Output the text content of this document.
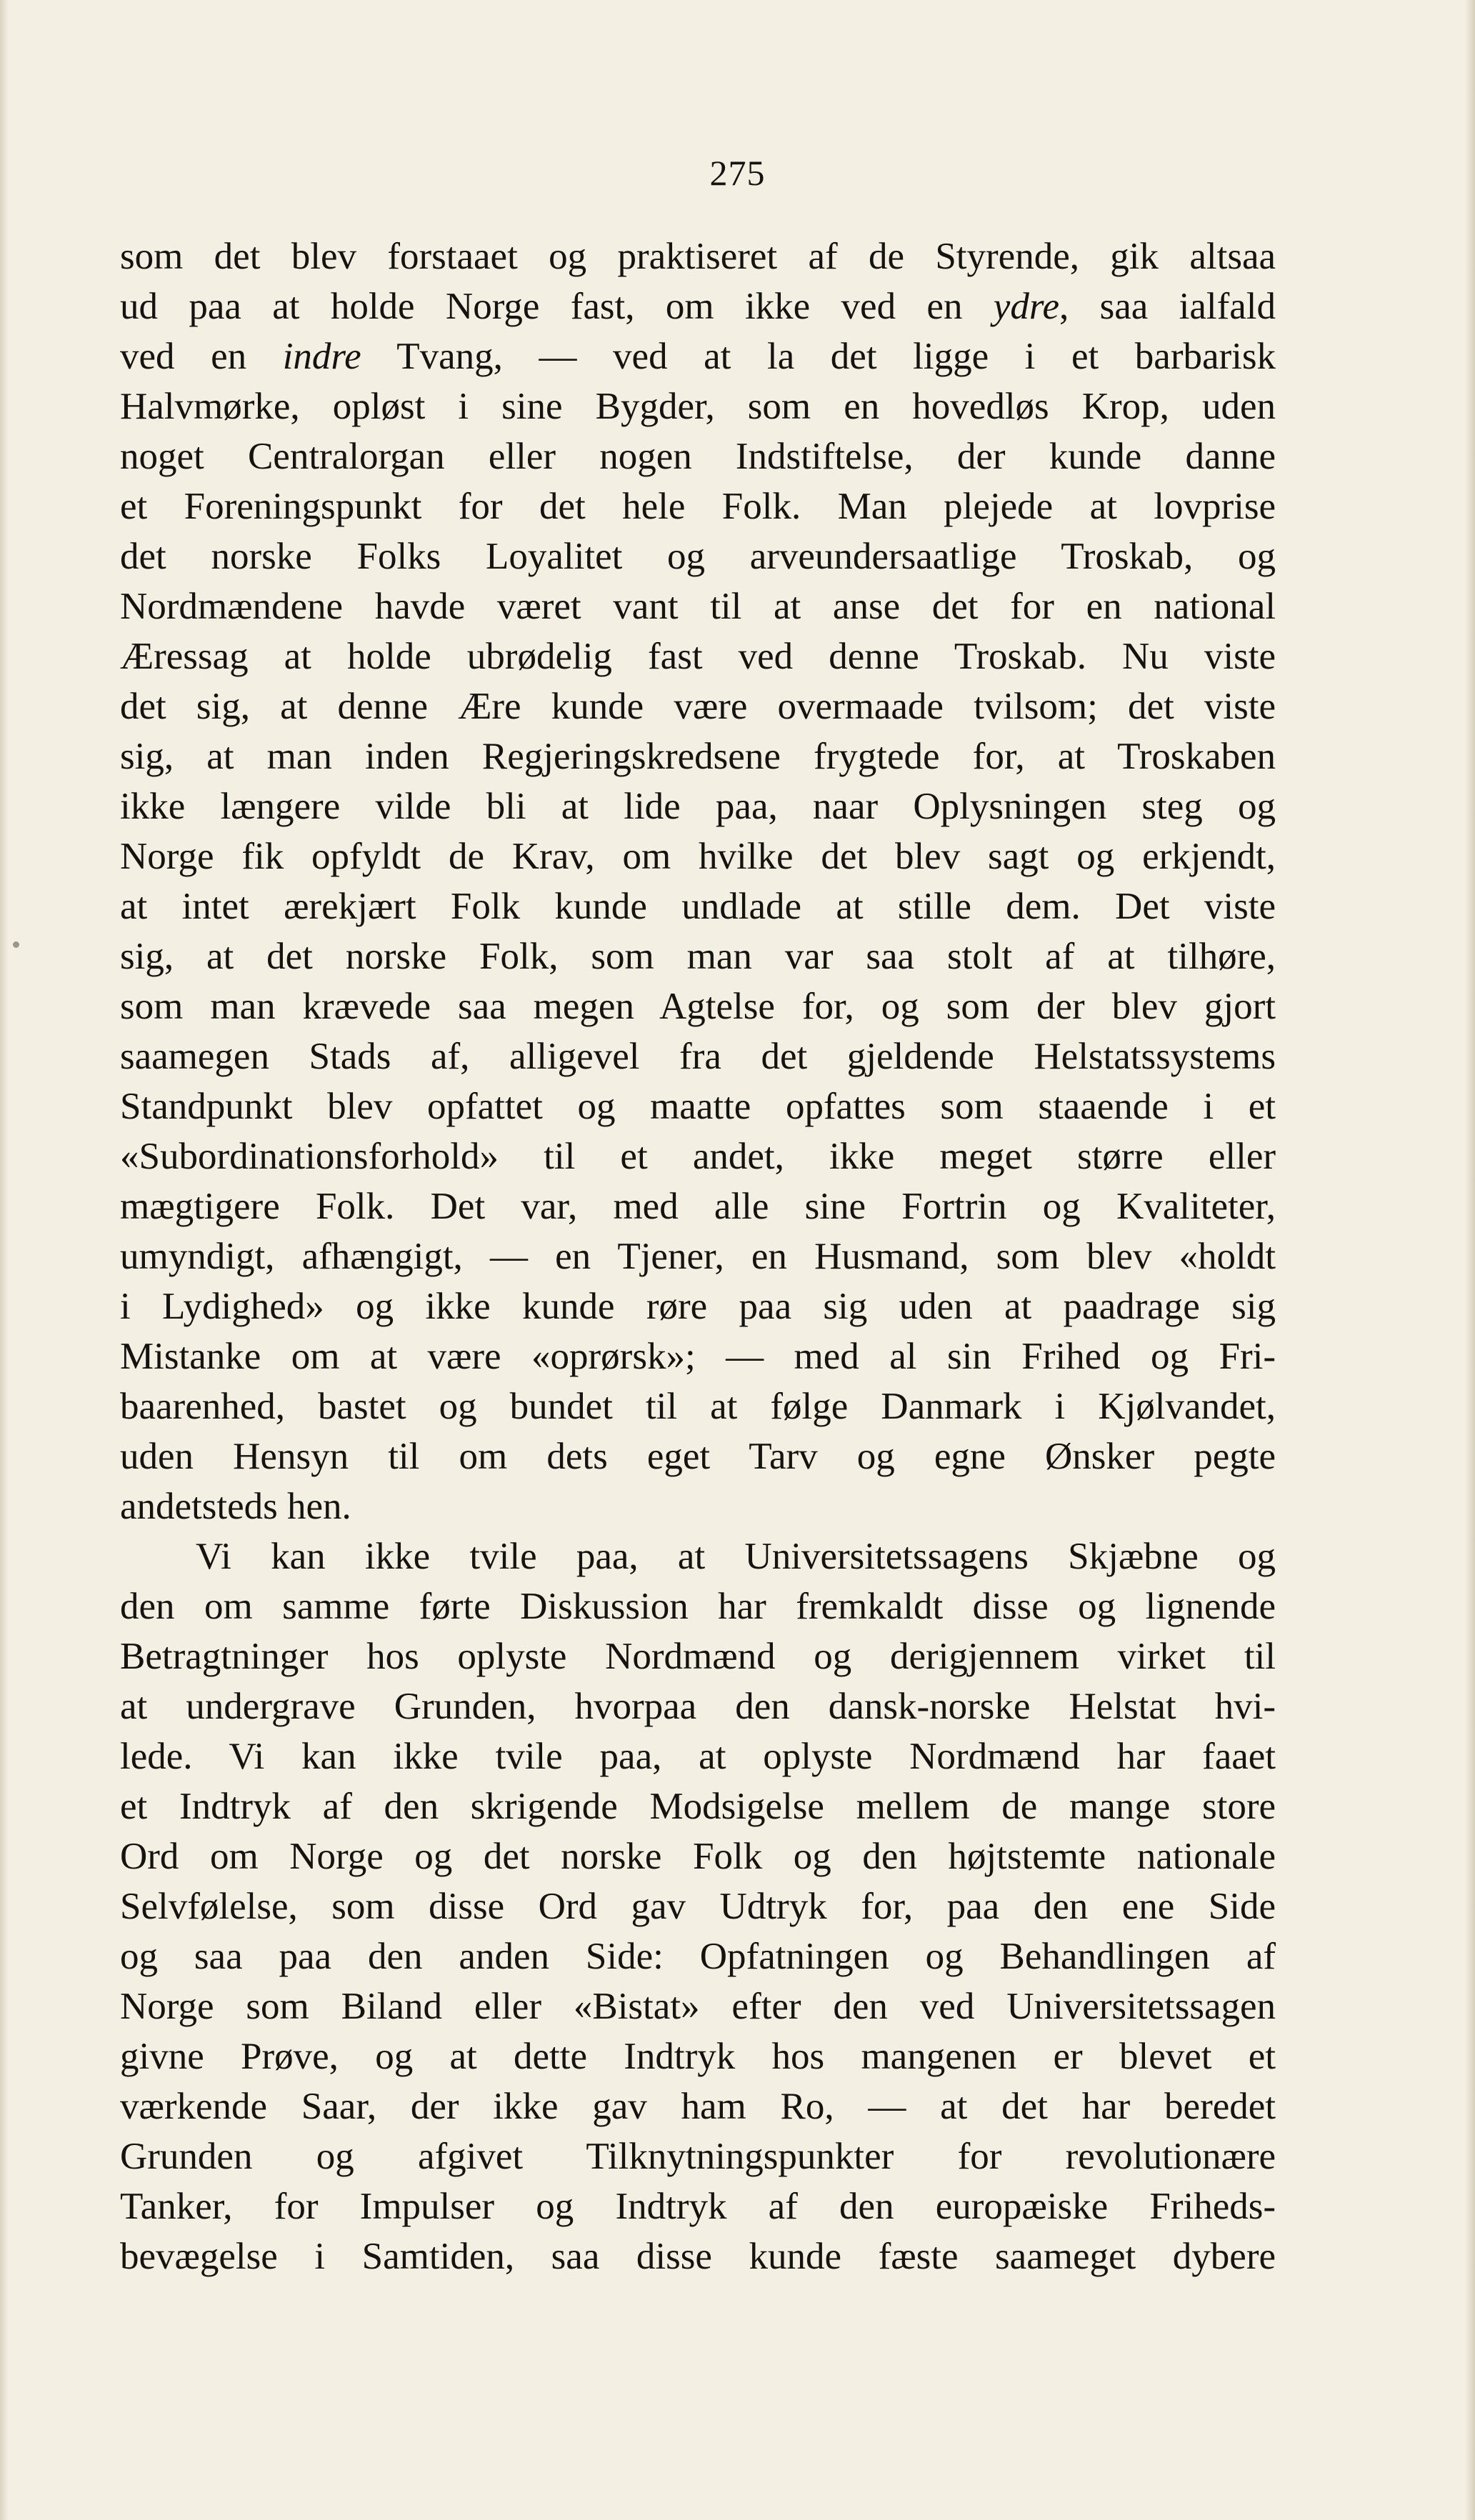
275
som det blev forstaaet og praktiseret af de Styrende, gik altsaa
ud paa at holde Norge fast, om ikke ved en ydre, saa ialfald
ved en indre Tvang, — ved at la det ligge i et barbarisk
Halvmørke, opløst i sine Bygder, som en hovedløs Krop, uden
noget Centralorgan eller nogen Indstiftelse, der kunde danne
et Foreningspunkt for det hele Folk. Man plejede at lovprise
det norske Folks Loyalitet og arveundersaatlige Troskab, og
Nordmændene havde været vant til at anse det for en national
Æressag at holde ubrødelig fast ved denne Troskab. Nu viste
det sig, at denne Ære kunde være overmaade tvilsom; det viste
sig, at man inden Regjeringskredsene frygtede for, at Troskaben
ikke længere vilde bli at lide paa, naar Oplysningen steg og
Norge fik opfyldt de Krav, om hvilke det blev sagt og erkjendt,
at intet ærekjært Folk kunde undlade at stille dem. Det viste
sig, at det norske Folk, som man var saa stolt af at tilhøre,
som man krævede saa megen Agtelse for, og som der blev gjort
saamegen Stads af, alligevel fra det gjeldende Helstatssystems
Standpunkt blev opfattet og maatte opfattes som staaende i et
«Subordinationsforhold» til et andet, ikke meget større eller
mægtigere Folk. Det var, med alle sine Fortrin og Kvaliteter,
umyndigt, afhængigt, — en Tjener, en Husmand, som blev «holdt
i Lydighed» og ikke kunde røre paa sig uden at paadrage sig
Mistanke om at være «oprørsk»; — med al sin Frihed og Fri-
baarenhed, bastet og bundet til at følge Danmark i Kjølvandet,
uden Hensyn til om dets eget Tarv og egne Ønsker pegte
andetsteds hen.
Vi kan ikke tvile paa, at Universitetssagens Skjæbne og
den om samme førte Diskussion har fremkaldt disse og lignende
Betragtninger hos oplyste Nordmænd og derigjennem virket til
at undergrave Grunden, hvorpaa den dansk-norske Helstat hvi-
lede. Vi kan ikke tvile paa, at oplyste Nordmænd har faaet
et Indtryk af den skrigende Modsigelse mellem de mange store
Ord om Norge og det norske Folk og den højtstemte nationale
Selvfølelse, som disse Ord gav Udtryk for, paa den ene Side
og saa paa den anden Side: Opfatningen og Behandlingen af
Norge som Biland eller «Bistat» efter den ved Universitetssagen
givne Prøve, og at dette Indtryk hos mangenen er blevet et
værkende Saar, der ikke gav ham Ro, — at det har beredet
Grunden og afgivet Tilknytningspunkter for revolutionære
Tanker, for Impulser og Indtryk af den europæiske Friheds-
bevægelse i Samtiden, saa disse kunde fæste saameget dybere
